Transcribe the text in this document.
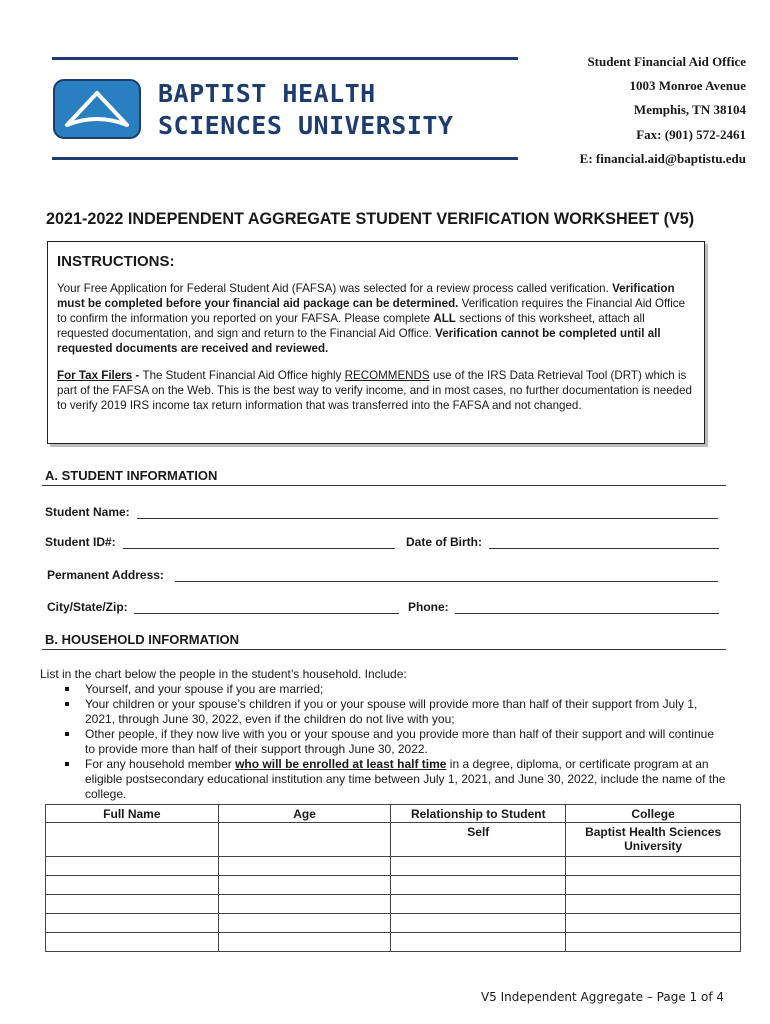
BAPTIST HEALTH
SCIENCES UNIVERSITY
Student Financial Aid Office
1003 Monroe Avenue
Memphis, TN 38104
Fax: (901) 572-2461
E: financial.aid@baptistu.edu
2021-2022 INDEPENDENT AGGREGATE STUDENT VERIFICATION WORKSHEET (V5)
INSTRUCTIONS:
Your Free Application for Federal Student Aid (FAFSA) was selected for a review process called verification. Verification must be completed before your financial aid package can be determined. Verification requires the Financial Aid Office to confirm the information you reported on your FAFSA. Please complete ALL sections of this worksheet, attach all requested documentation, and sign and return to the Financial Aid Office. Verification cannot be completed until all requested documents are received and reviewed.
For Tax Filers - The Student Financial Aid Office highly RECOMMENDS use of the IRS Data Retrieval Tool (DRT) which is part of the FAFSA on the Web. This is the best way to verify income, and in most cases, no further documentation is needed to verify 2019 IRS income tax return information that was transferred into the FAFSA and not changed.
A. STUDENT INFORMATION
Student Name:
Student ID#:	Date of Birth:
Permanent Address:
City/State/Zip:	Phone:
B. HOUSEHOLD INFORMATION
List in the chart below the people in the student’s household. Include:
Yourself, and your spouse if you are married;
Your children or your spouse’s children if you or your spouse will provide more than half of their support from July 1, 2021, through June 30, 2022, even if the children do not live with you;
Other people, if they now live with you or your spouse and you provide more than half of their support and will continue to provide more than half of their support through June 30, 2022.
For any household member who will be enrolled at least half time in a degree, diploma, or certificate program at an eligible postsecondary educational institution any time between July 1, 2021, and June 30, 2022, include the name of the college.
Full Name	Age	Relationship to Student	College
		Self	Baptist Health Sciences University

V5 Independent Aggregate – Page 1 of 4
